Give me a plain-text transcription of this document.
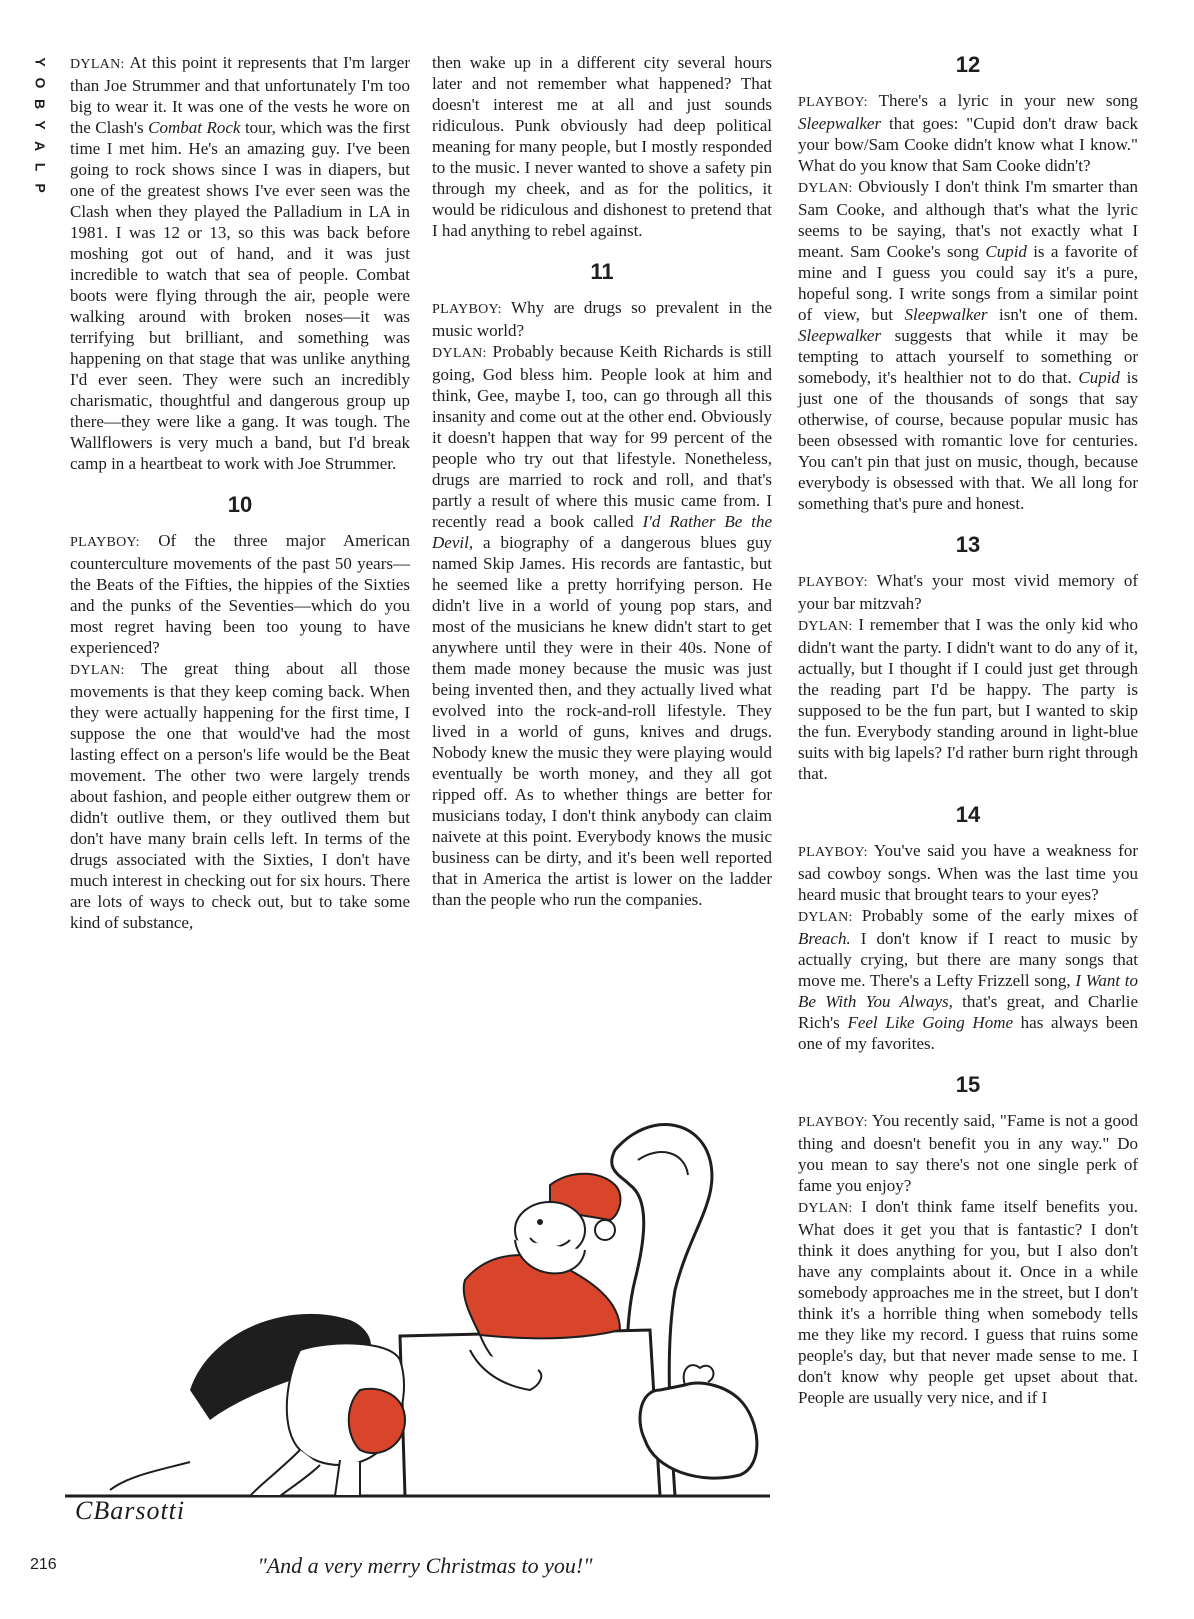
Y
O
B
Y
A
L
P

DYLAN: At this point it represents that I'm larger than Joe Strummer and that unfortunately I'm too big to wear it. It was one of the vests he wore on the Clash's Combat Rock tour, which was the first time I met him. He's an amazing guy. I've been going to rock shows since I was in diapers, but one of the greatest shows I've ever seen was the Clash when they played the Palladium in LA in 1981. I was 12 or 13, so this was back before moshing got out of hand, and it was just incredible to watch that sea of people. Combat boots were flying through the air, people were walking around with broken noses—it was terrifying but brilliant, and something was happening on that stage that was unlike anything I'd ever seen. They were such an incredibly charismatic, thoughtful and dangerous group up there—they were like a gang. It was tough. The Wallflowers is very much a band, but I'd break camp in a heartbeat to work with Joe Strummer.

10

PLAYBOY: Of the three major American counterculture movements of the past 50 years—the Beats of the Fifties, the hippies of the Sixties and the punks of the Seventies—which do you most regret having been too young to have experienced?

DYLAN: The great thing about all those movements is that they keep coming back. When they were actually happening for the first time, I suppose the one that would've had the most lasting effect on a person's life would be the Beat movement. The other two were largely trends about fashion, and people either outgrew them or didn't outlive them, or they outlived them but don't have many brain cells left. In terms of the drugs associated with the Sixties, I don't have much interest in checking out for six hours. There are lots of ways to check out, but to take some kind of substance,

then wake up in a different city several hours later and not remember what happened? That doesn't interest me at all and just sounds ridiculous. Punk obviously had deep political meaning for many people, but I mostly responded to the music. I never wanted to shove a safety pin through my cheek, and as for the politics, it would be ridiculous and dishonest to pretend that I had anything to rebel against.

11

PLAYBOY: Why are drugs so prevalent in the music world?

DYLAN: Probably because Keith Richards is still going, God bless him. People look at him and think, Gee, maybe I, too, can go through all this insanity and come out at the other end. Obviously it doesn't happen that way for 99 percent of the people who try out that lifestyle. Nonetheless, drugs are married to rock and roll, and that's partly a result of where this music came from. I recently read a book called I'd Rather Be the Devil, a biography of a dangerous blues guy named Skip James. His records are fantastic, but he seemed like a pretty horrifying person. He didn't live in a world of young pop stars, and most of the musicians he knew didn't start to get anywhere until they were in their 40s. None of them made money because the music was just being invented then, and they actually lived what evolved into the rock-and-roll lifestyle. They lived in a world of guns, knives and drugs. Nobody knew the music they were playing would eventually be worth money, and they all got ripped off. As to whether things are better for musicians today, I don't think anybody can claim naivete at this point. Everybody knows the music business can be dirty, and it's been well reported that in America the artist is lower on the ladder than the people who run the companies.

12

PLAYBOY: There's a lyric in your new song Sleepwalker that goes: "Cupid don't draw back your bow/Sam Cooke didn't know what I know." What do you know that Sam Cooke didn't?

DYLAN: Obviously I don't think I'm smarter than Sam Cooke, and although that's what the lyric seems to be saying, that's not exactly what I meant. Sam Cooke's song Cupid is a favorite of mine and I guess you could say it's a pure, hopeful song. I write songs from a similar point of view, but Sleepwalker isn't one of them. Sleepwalker suggests that while it may be tempting to attach yourself to something or somebody, it's healthier not to do that. Cupid is just one of the thousands of songs that say otherwise, of course, because popular music has been obsessed with romantic love for centuries. You can't pin that just on music, though, because everybody is obsessed with that. We all long for something that's pure and honest.

13

PLAYBOY: What's your most vivid memory of your bar mitzvah?

DYLAN: I remember that I was the only kid who didn't want the party. I didn't want to do any of it, actually, but I thought if I could just get through the reading part I'd be happy. The party is supposed to be the fun part, but I wanted to skip the fun. Everybody standing around in light-blue suits with big lapels? I'd rather burn right through that.

14

PLAYBOY: You've said you have a weakness for sad cowboy songs. When was the last time you heard music that brought tears to your eyes?

DYLAN: Probably some of the early mixes of Breach. I don't know if I react to music by actually crying, but there are many songs that move me. There's a Lefty Frizzell song, I Want to Be With You Always, that's great, and Charlie Rich's Feel Like Going Home has always been one of my favorites.

15

PLAYBOY: You recently said, "Fame is not a good thing and doesn't benefit you in any way." Do you mean to say there's not one single perk of fame you enjoy?

DYLAN: I don't think fame itself benefits you. What does it get you that is fantastic? I don't think it does anything for you, but I also don't have any complaints about it. Once in a while somebody approaches me in the street, but I don't think it's a horrible thing when somebody tells me they like my record. I guess that ruins some people's day, but that never made sense to me. I don't know why people get upset about that. People are usually very nice, and if I

CBarsotti
216	"And a very merry Christmas to you!"
